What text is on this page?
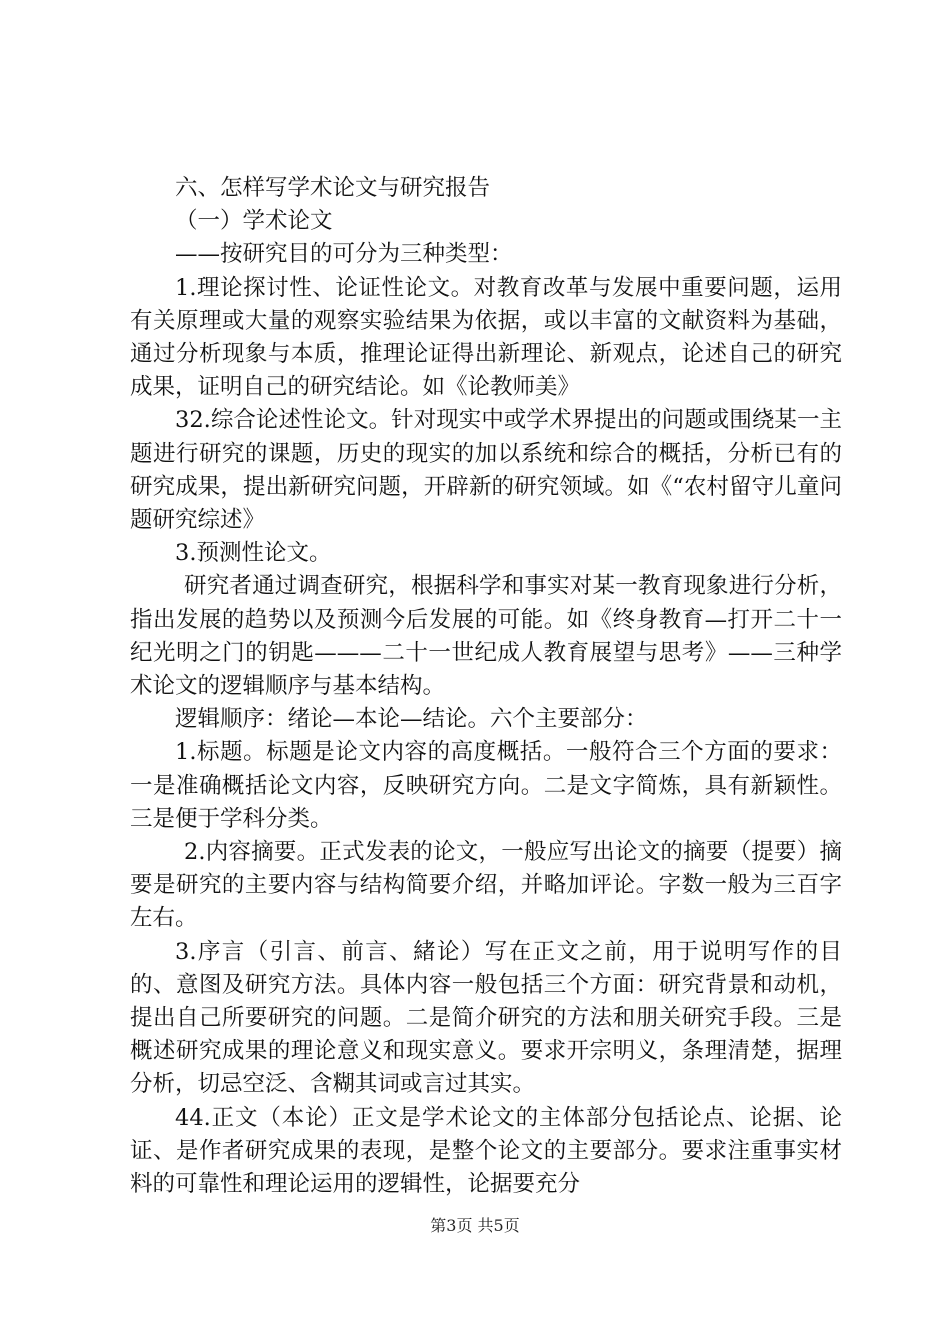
六、怎样写学术论文与研究报告

（一）学术论文

——按研究目的可分为三种类型：

1.理论探讨性、论证性论文。对教育改革与发展中重要问题，运用有关原理或大量的观察实验结果为依据，或以丰富的文献资料为基础，通过分析现象与本质，推理论证得出新理论、新观点，论述自己的研究成果，证明自己的研究结论。如《论教师美》

32.综合论述性论文。针对现实中或学术界提出的问题或围绕某一主题进行研究的课题，历史的现实的加以系统和综合的概括，分析已有的研究成果，提出新研究问题，开辟新的研究领域。如《“农村留守儿童问题研究综述》

3.预测性论文。

研究者通过调查研究，根据科学和事实对某一教育现象进行分析，指出发展的趋势以及预测今后发展的可能。如《终身教育—打开二十一纪光明之门的钥匙———二十一世纪成人教育展望与思考》——三种学术论文的逻辑顺序与基本结构。

逻辑顺序：绪论—本论—结论。六个主要部分：

1.标题。标题是论文内容的高度概括。一般符合三个方面的要求：一是准确概括论文内容，反映研究方向。二是文字简炼，具有新颖性。三是便于学科分类。

2.内容摘要。正式发表的论文，一般应写出论文的摘要（提要）摘要是研究的主要内容与结构简要介绍，并略加评论。字数一般为三百字左右。

3.序言（引言、前言、緒论）写在正文之前，用于说明写作的目的、意图及研究方法。具体内容一般包括三个方面：研究背景和动机，提出自己所要研究的问题。二是简介研究的方法和朋关研究手段。三是概述研究成果的理论意义和现实意义。要求开宗明义，条理清楚，据理分析，切忌空泛、含糊其词或言过其实。

44.正文（本论）正文是学术论文的主体部分包括论点、论据、论证、是作者研究成果的表现，是整个论文的主要部分。要求注重事实材料的可靠性和理论运用的逻辑性，论据要充分

第3页 共5页
